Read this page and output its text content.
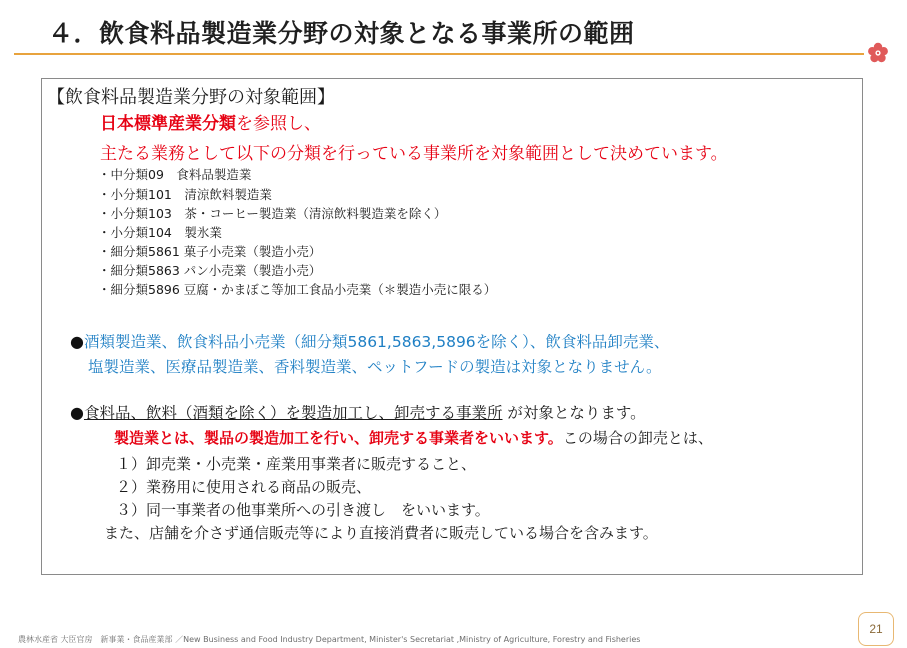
４．飲食料品製造業分野の対象となる事業所の範囲
【飲食料品製造業分野の対象範囲】
日本標準産業分類を参照し、
主たる業務として以下の分類を行っている事業所を対象範囲として決めています。
・中分類09　食料品製造業
・小分類101　清涼飲料製造業
・小分類103　茶・コーヒー製造業（清涼飲料製造業を除く）
・小分類104　製氷業
・細分類5861 菓子小売業（製造小売）
・細分類5863 パン小売業（製造小売）
・細分類5896 豆腐・かまぼこ等加工食品小売業（＊製造小売に限る）
●酒類製造業、飲食料品小売業（細分類5861,5863,5896を除く）、飲食料品卸売業、
塩製造業、医療品製造業、香料製造業、ペットフードの製造は対象となりません。
●食料品、飲料（酒類を除く）を製造加工し、卸売する事業所 が対象となります。
製造業とは、製品の製造加工を行い、卸売する事業者をいいます。この場合の卸売とは、
１）卸売業・小売業・産業用事業者に販売すること、
２）業務用に使用される商品の販売、
３）同一事業者の他事業所への引き渡し　をいいます。
また、店舗を介さず通信販売等により直接消費者に販売している場合を含みます。
21
農林水産省 大臣官房　新事業・食品産業部 ／New Business and Food Industry Department, Minister's Secretariat ,Ministry of Agriculture, Forestry and Fisheries
